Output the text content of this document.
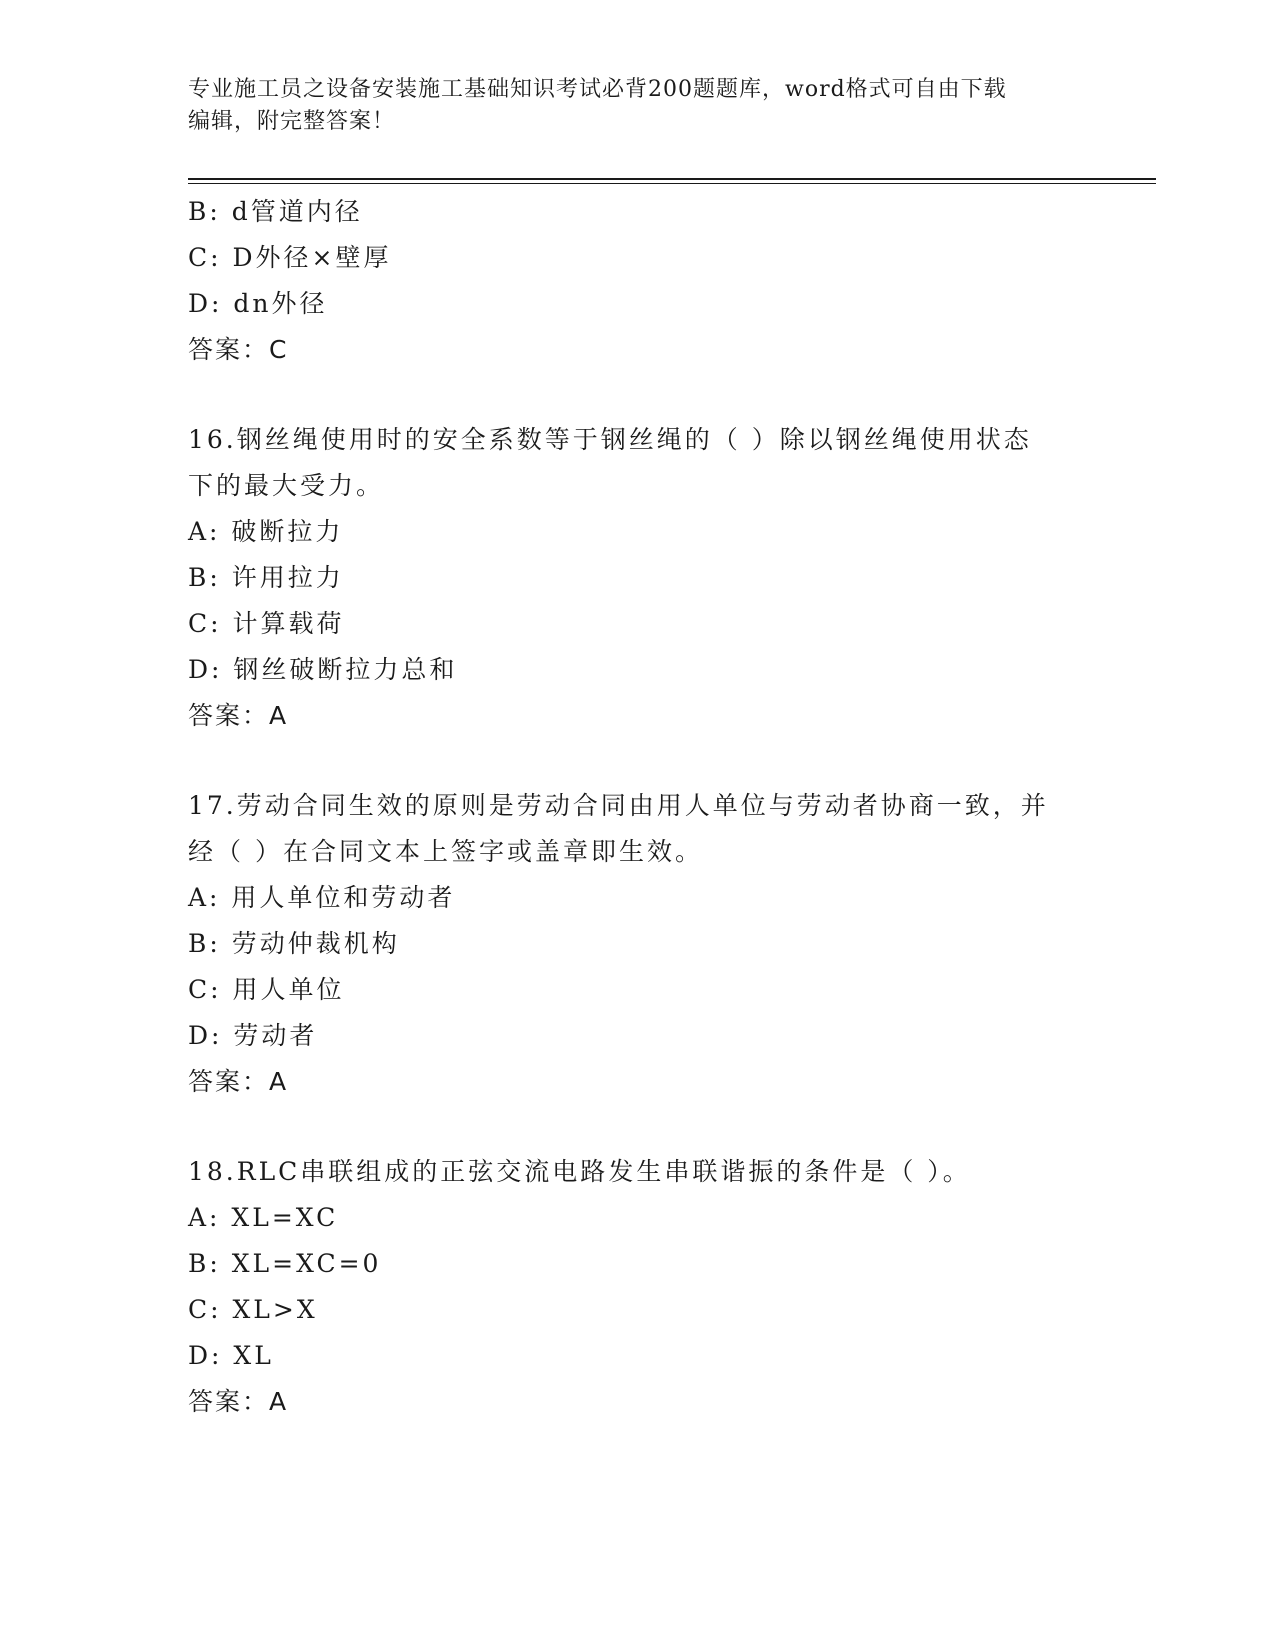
专业施工员之设备安装施工基础知识考试必背200题题库，word格式可自由下载
编辑，附完整答案！
B: d管道内径
C: D外径×壁厚
D: dn外径
答案：C
16.钢丝绳使用时的安全系数等于钢丝绳的（ ）除以钢丝绳使用状态
下的最大受力。
A: 破断拉力
B: 许用拉力
C: 计算载荷
D: 钢丝破断拉力总和
答案：A
17.劳动合同生效的原则是劳动合同由用人单位与劳动者协商一致，并
经（ ）在合同文本上签字或盖章即生效。
A: 用人单位和劳动者
B: 劳动仲裁机构
C: 用人单位
D: 劳动者
答案：A
18.RLC串联组成的正弦交流电路发生串联谐振的条件是（ ）。
A: XL=XC
B: XL=XC=0
C: XL>X
D: XL
答案：A
